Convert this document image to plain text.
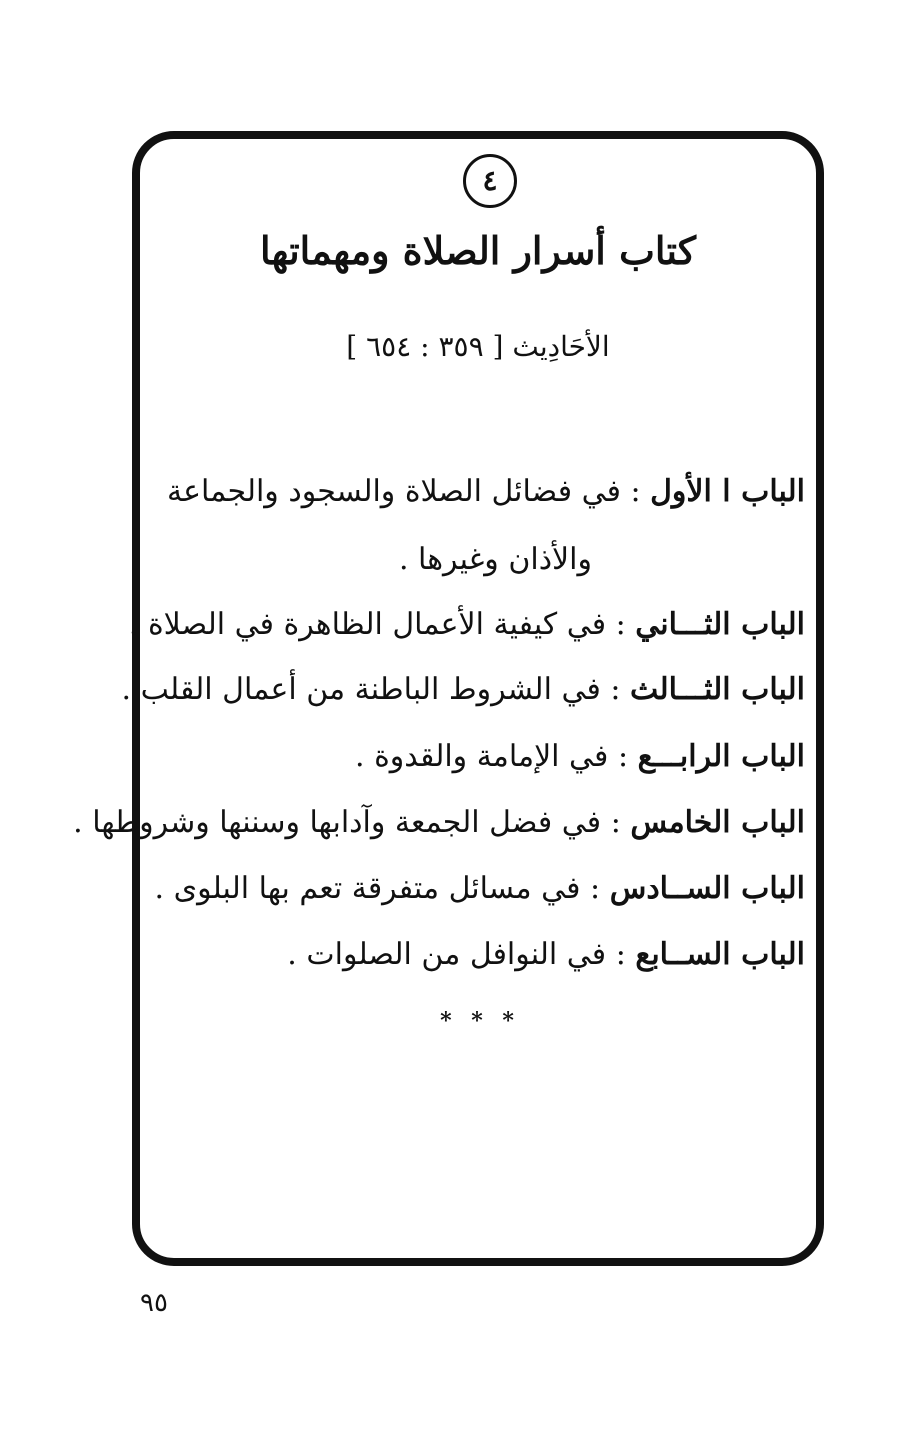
٤
كتاب أسرار الصلاة ومهماتها
الأحَادِيث [ ٣٥٩ : ٦٥٤ ]
الباب ا الأول : في فضائل الصلاة والسجود والجماعة
والأذان وغيرها .
الباب الثـــاني : في كيفية الأعمال الظاهرة في الصلاة .
الباب الثـــالث : في الشروط الباطنة من أعمال القلب .
الباب الرابـــع : في الإمامة والقدوة .
الباب الخامس : في فضل الجمعة وآدابها وسننها وشروطها .
الباب الســادس : في مسائل متفرقة تعم بها البلوى .
الباب الســابع : في النوافل من الصلوات .
* * *
٩٥
